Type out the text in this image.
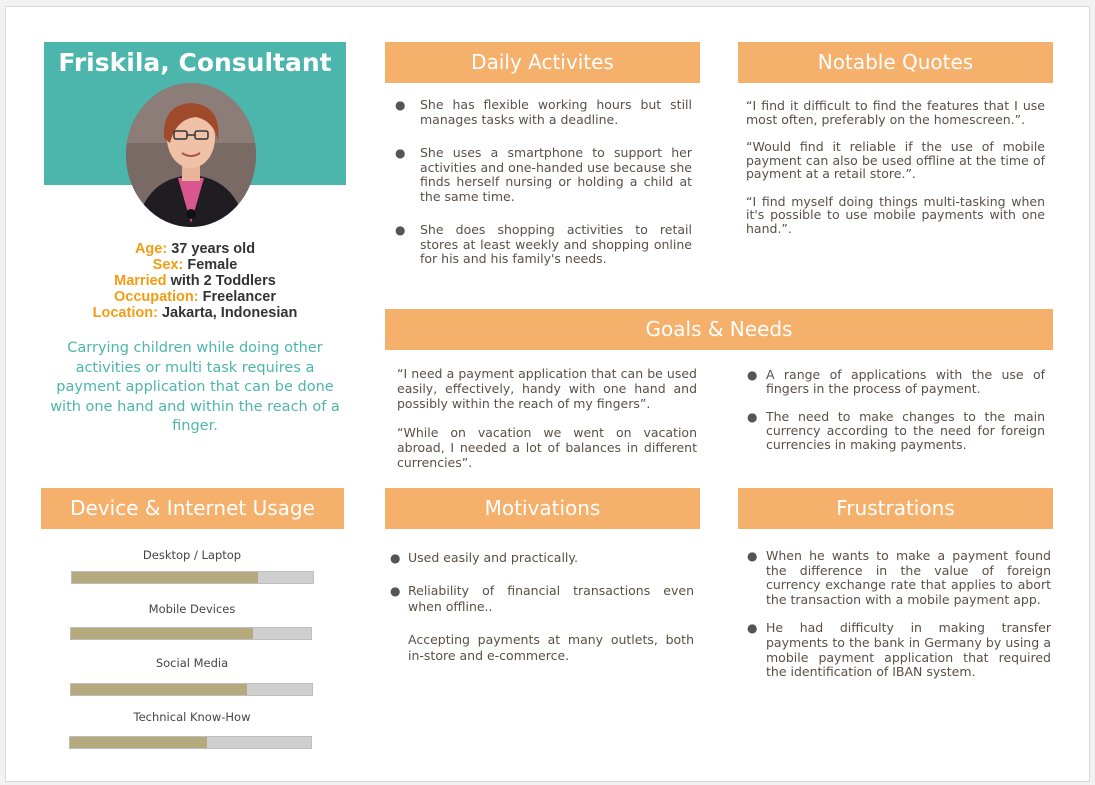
Friskila, Consultant
Age: 37 years old
Sex: Female
Married with 2 Toddlers
Occupation: Freelancer
Location: Jakarta, Indonesian
Carrying children while doing other activities or multi task requires a payment application that can be done with one hand and within the reach of a finger.
Daily Activites
● She has flexible working hours but still manages tasks with a deadline.
● She uses a smartphone to support her activities and one-handed use because she finds herself nursing or holding a child at the same time.
● She does shopping activities to retail stores at least weekly and shopping online for his and his family's needs.
Notable Quotes
“I find it difficult to find the features that I use most often, preferably on the homescreen.”.
“Would find it reliable if the use of mobile payment can also be used offline at the time of payment at a retail store.”.
“I find myself doing things multi-tasking when it's possible to use mobile payments with one hand.”.
Goals & Needs
“I need a payment application that can be used easily, effectively, handy with one hand and possibly within the reach of my fingers”.
“While on vacation we went on vacation abroad, I needed a lot of balances in different currencies”.
● A range of applications with the use of fingers in the process of payment.
● The need to make changes to the main currency according to the need for foreign currencies in making payments.
Device & Internet Usage
Desktop / Laptop
Mobile Devices
Social Media
Technical Know-How
Motivations
● Used easily and practically.
● Reliability of financial transactions even when offline..
Accepting payments at many outlets, both in-store and e-commerce.
Frustrations
● When he wants to make a payment found the difference in the value of foreign currency exchange rate that applies to abort the transaction with a mobile payment app.
● He had difficulty in making transfer payments to the bank in Germany by using a mobile payment application that required the identification of IBAN system.
